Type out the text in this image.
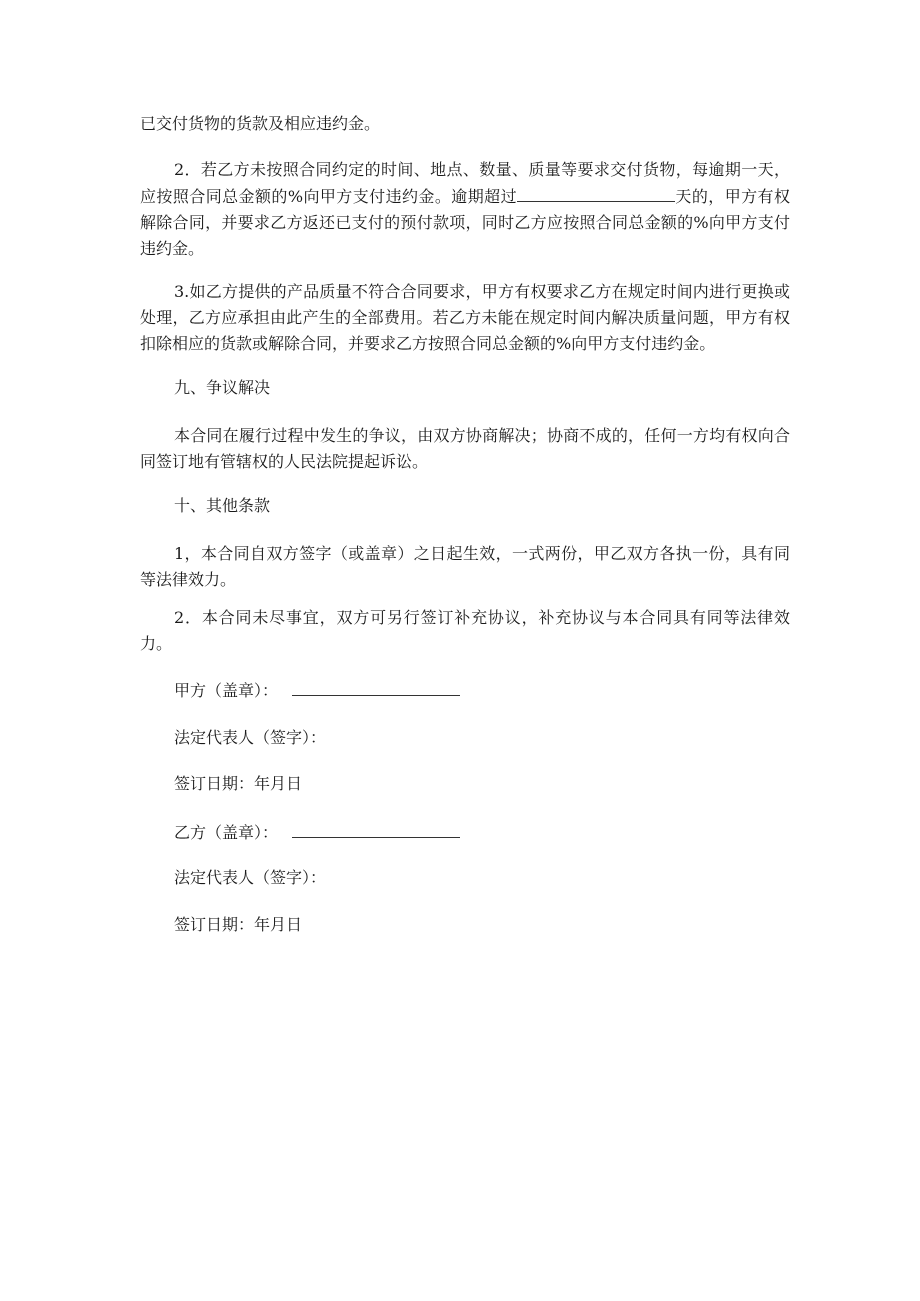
已交付货物的货款及相应违约金。

2．若乙方未按照合同约定的时间、地点、数量、质量等要求交付货物，每逾期一天，应按照合同总金额的%向甲方支付违约金。逾期超过	天的，甲方有权解除合同，并要求乙方返还已支付的预付款项，同时乙方应按照合同总金额的%向甲方支付违约金。

3.如乙方提供的产品质量不符合合同要求，甲方有权要求乙方在规定时间内进行更换或处理，乙方应承担由此产生的全部费用。若乙方未能在规定时间内解决质量问题，甲方有权扣除相应的货款或解除合同，并要求乙方按照合同总金额的%向甲方支付违约金。

九、争议解决

本合同在履行过程中发生的争议，由双方协商解决；协商不成的，任何一方均有权向合同签订地有管辖权的人民法院提起诉讼。

十、其他条款

1，本合同自双方签字（或盖章）之日起生效，一式两份，甲乙双方各执一份，具有同等法律效力。

2．本合同未尽事宜，双方可另行签订补充协议，补充协议与本合同具有同等法律效力。

甲方（盖章）：
法定代表人（签字）：
签订日期：年月日
乙方（盖章）：
法定代表人（签字）：
签订日期：年月日
